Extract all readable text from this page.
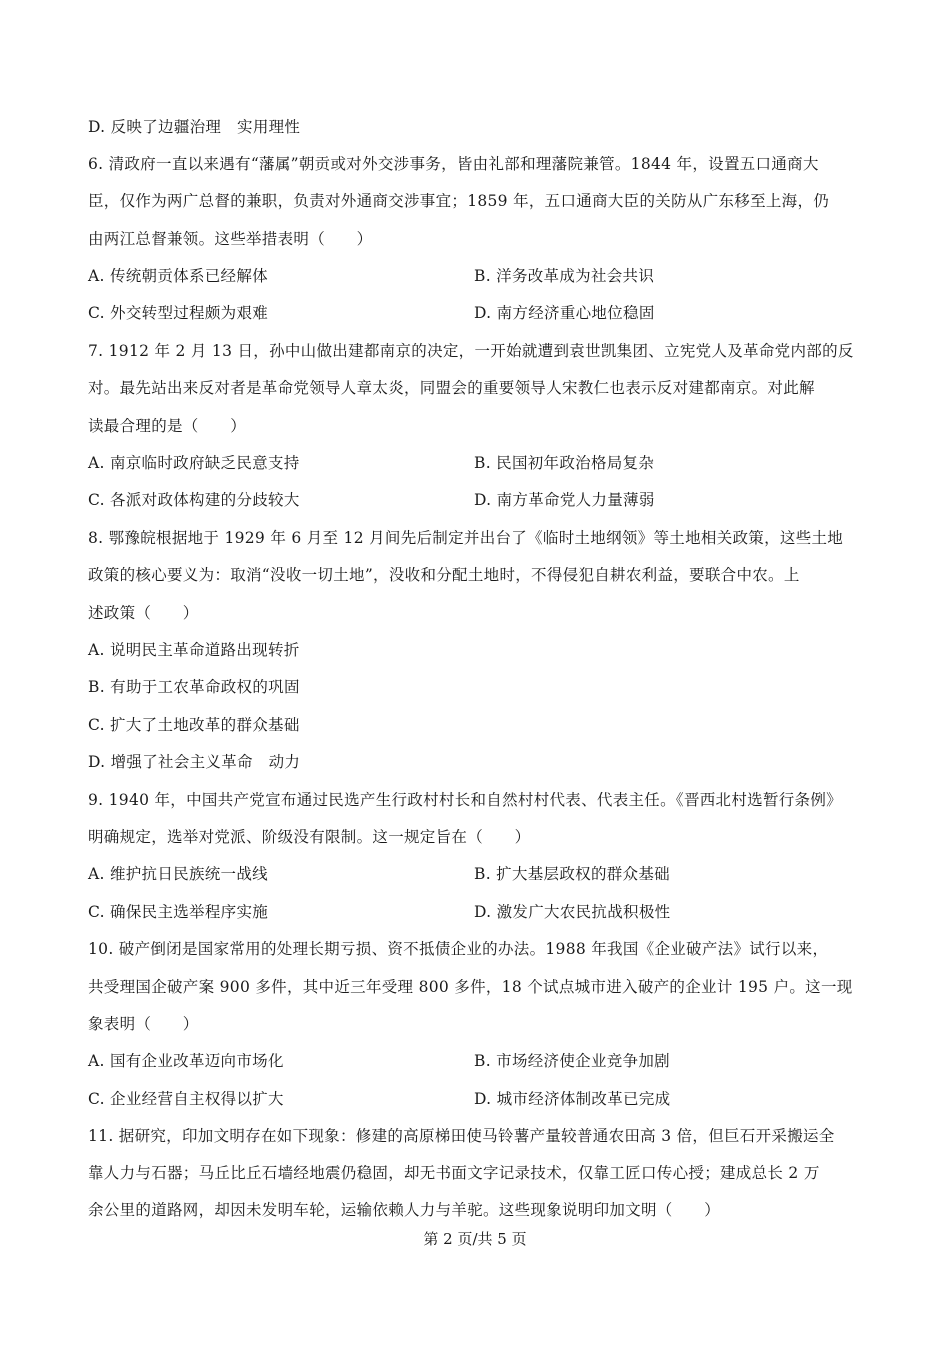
D. 反映了边疆治理　实用理性
6. 清政府一直以来遇有“藩属”朝贡或对外交涉事务，皆由礼部和理藩院兼管。1844 年，设置五口通商大
臣，仅作为两广总督的兼职，负责对外通商交涉事宜；1859 年，五口通商大臣的关防从广东移至上海，仍
由两江总督兼领。这些举措表明（　　）
A. 传统朝贡体系已经解体	B. 洋务改革成为社会共识
C. 外交转型过程颇为艰难	D. 南方经济重心地位稳固
7. 1912 年 2 月 13 日，孙中山做出建都南京的决定，一开始就遭到袁世凯集团、立宪党人及革命党内部的反
对。最先站出来反对者是革命党领导人章太炎，同盟会的重要领导人宋教仁也表示反对建都南京。对此解
读最合理的是（　　）
A. 南京临时政府缺乏民意支持	B. 民国初年政治格局复杂
C. 各派对政体构建的分歧较大	D. 南方革命党人力量薄弱
8. 鄂豫皖根据地于 1929 年 6 月至 12 月间先后制定并出台了《临时土地纲领》等土地相关政策，这些土地
政策的核心要义为：取消“没收一切土地”，没收和分配土地时，不得侵犯自耕农利益，要联合中农。上
述政策（　　）
A. 说明民主革命道路出现转折
B. 有助于工农革命政权的巩固
C. 扩大了土地改革的群众基础
D. 增强了社会主义革命　动力
9. 1940 年，中国共产党宣布通过民选产生行政村村长和自然村村代表、代表主任。《晋西北村选暂行条例》
明确规定，选举对党派、阶级没有限制。这一规定旨在（　　）
A. 维护抗日民族统一战线	B. 扩大基层政权的群众基础
C. 确保民主选举程序实施	D. 激发广大农民抗战积极性
10. 破产倒闭是国家常用的处理长期亏损、资不抵债企业的办法。1988 年我国《企业破产法》试行以来，
共受理国企破产案 900 多件，其中近三年受理 800 多件，18 个试点城市进入破产的企业计 195 户。这一现
象表明（　　）
A. 国有企业改革迈向市场化	B. 市场经济使企业竞争加剧
C. 企业经营自主权得以扩大	D. 城市经济体制改革已完成
11. 据研究，印加文明存在如下现象：修建的高原梯田使马铃薯产量较普通农田高 3 倍，但巨石开采搬运全
靠人力与石器；马丘比丘石墙经地震仍稳固，却无书面文字记录技术，仅靠工匠口传心授；建成总长 2 万
余公里的道路网，却因未发明车轮，运输依赖人力与羊驼。这些现象说明印加文明（　　）
第 2 页/共 5 页
